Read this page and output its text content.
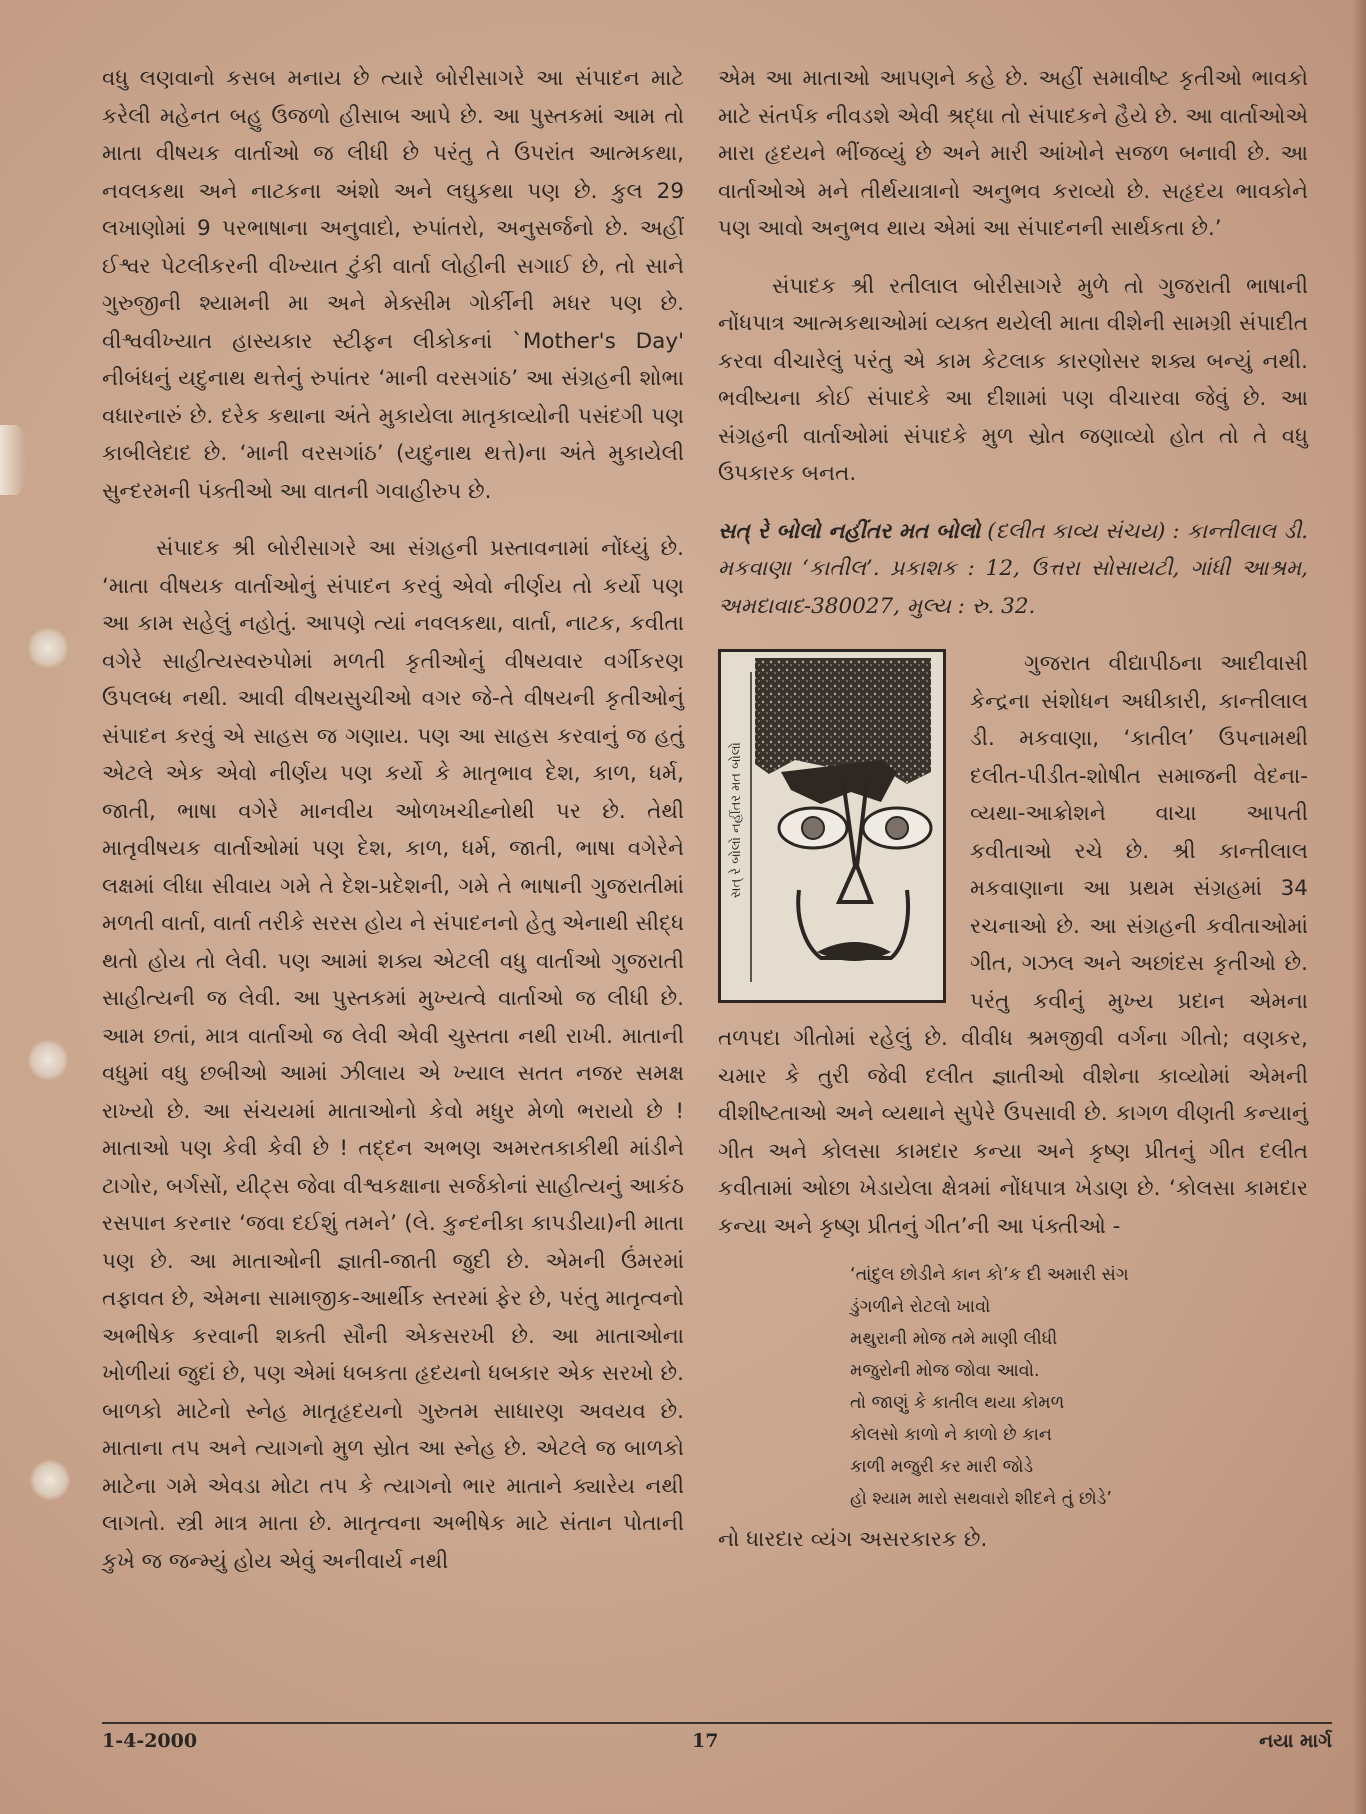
વધુ લણવાનો કસબ મનાય છે ત્યારે બોરીસાગરે આ સંપાદન માટે કરેલી મહેનત બહુ ઉજળો હીસાબ આપે છે. આ પુસ્તકમાં આમ તો માતા વીષયક વાર્તાઓ જ લીધી છે પરંતુ તે ઉપરાંત આત્મકથા, નવલકથા અને નાટકના અંશો અને લઘુકથા પણ છે. કુલ 29 લખાણોમાં 9 પરભાષાના અનુવાદો, રુપાંતરો, અનુસર્જનો છે. અહીં ઈશ્વર પેટલીકરની વીખ્યાત ટુંકી વાર્તા લોહીની સગાઈ છે, તો સાને ગુરુજીની શ્યામની મા અને મેક્સીમ ગોર્કીની મધર પણ છે. વીશ્વવીખ્યાત હાસ્યકાર સ્ટીફન લીકોકનાં `Mother's Day' નીબંધનું યદુનાથ થત્તેનું રુપાંતર ‘માની વરસગાંઠ’ આ સંગ્રહની શોભા વધારનારું છે. દરેક કથાના અંતે મુકાયેલા માતૃકાવ્યોની પસંદગી પણ કાબીલેદાદ છે. ‘માની વરસગાંઠ’ (યદુનાથ થત્તે)ના અંતે મુકાયેલી સુન્દરમની પંક્તીઓ આ વાતની ગવાહીરુપ છે.

સંપાદક શ્રી બોરીસાગરે આ સંગ્રહની પ્રસ્તાવનામાં નોંધ્યું છે. ‘માતા વીષયક વાર્તાઓનું સંપાદન કરવું એવો નીર્ણય તો કર્યો પણ આ કામ સહેલું નહોતું. આપણે ત્યાં નવલકથા, વાર્તા, નાટક, કવીતા વગેરે સાહીત્યસ્વરુપોમાં મળતી કૃતીઓનું વીષયવાર વર્ગીકરણ ઉપલબ્ધ નથી. આવી વીષયસુચીઓ વગર જે-તે વીષયની કૃતીઓનું સંપાદન કરવું એ સાહસ જ ગણાય. પણ આ સાહસ કરવાનું જ હતું એટલે એક એવો નીર્ણય પણ કર્યો કે માતૃભાવ દેશ, કાળ, ધર્મ, જાતી, ભાષા વગેરે માનવીય ઓળખચીહ્નોથી પર છે. તેથી માતૃવીષયક વાર્તાઓમાં પણ દેશ, કાળ, ધર્મ, જાતી, ભાષા વગેરેને લક્ષમાં લીધા સીવાય ગમે તે દેશ-પ્રદેશની, ગમે તે ભાષાની ગુજરાતીમાં મળતી વાર્તા, વાર્તા તરીકે સરસ હોય ને સંપાદનનો હેતુ એનાથી સીદ્ધ થતો હોય તો લેવી. પણ આમાં શક્ય એટલી વધુ વાર્તાઓ ગુજરાતી સાહીત્યની જ લેવી. આ પુસ્તકમાં મુખ્યત્વે વાર્તાઓ જ લીધી છે. આમ છતાં, માત્ર વાર્તાઓ જ લેવી એવી ચુસ્તતા નથી રાખી. માતાની વધુમાં વધુ છબીઓ આમાં ઝીલાય એ ખ્યાલ સતત નજર સમક્ષ રાખ્યો છે. આ સંચયમાં માતાઓનો કેવો મધુર મેળો ભરાયો છે ! માતાઓ પણ કેવી કેવી છે ! તદ્દન અભણ અમરતકાકીથી માંડીને ટાગોર, બર્ગસોં, યીટ્સ જેવા વીશ્વકક્ષાના સર્જકોનાં સાહીત્યનું આકંઠ રસપાન કરનાર ‘જવા દઈશું તમને’ (લે. કુન્દનીકા કાપડીયા)ની માતા પણ છે. આ માતાઓની જ્ઞાતી-જાતી જુદી છે. એમની ઉંમરમાં તફાવત છે, એમના સામાજીક-આર્થીક સ્તરમાં ફેર છે, પરંતુ માતૃત્વનો અભીષેક કરવાની શક્તી સૌની એકસરખી છે. આ માતાઓના ખોળીયાં જુદાં છે, પણ એમાં ધબકતા હૃદયનો ધબકાર એક સરખો છે. બાળકો માટેનો સ્નેહ માતૃહૃદયનો ગુરુતમ સાધારણ અવયવ છે. માતાના તપ અને ત્યાગનો મુળ સ્રોત આ સ્નેહ છે. એટલે જ બાળકો માટેના ગમે એવડા મોટા તપ કે ત્યાગનો ભાર માતાને ક્યારેય નથી લાગતો. સ્ત્રી માત્ર માતા છે. માતૃત્વના અભીષેક માટે સંતાન પોતાની કુખે જ જન્મ્યું હોય એવું અનીવાર્ય નથી

એમ આ માતાઓ આપણને કહે છે. અહીં સમાવીષ્ટ કૃતીઓ ભાવકો માટે સંતર્પક નીવડશે એવી શ્રદ્ધા તો સંપાદકને હૈયે છે. આ વાર્તાઓએ મારા હૃદયને ભીંજવ્યું છે અને મારી આંખોને સજળ બનાવી છે. આ વાર્તાઓએ મને તીર્થયાત્રાનો અનુભવ કરાવ્યો છે. સહૃદય ભાવકોને પણ આવો અનુભવ થાય એમાં આ સંપાદનની સાર્થકતા છે.’

સંપાદક શ્રી રતીલાલ બોરીસાગરે મુળે તો ગુજરાતી ભાષાની નોંધપાત્ર આત્મકથાઓમાં વ્યક્ત થયેલી માતા વીશેની સામગ્રી સંપાદીત કરવા વીચારેલું પરંતુ એ કામ કેટલાક કારણોસર શક્ય બન્યું નથી. ભવીષ્યના કોઈ સંપાદકે આ દીશામાં પણ વીચારવા જેવું છે. આ સંગ્રહની વાર્તાઓમાં સંપાદકે મુળ સ્રોત જણાવ્યો હોત તો તે વધુ ઉપકારક બનત.

સત્ રે બોલો નહીંતર મત બોલો (દલીત કાવ્ય સંચય) : કાન્તીલાલ ડી. મકવાણા ‘કાતીલ’. પ્રકાશક : 12, ઉત્તરા સોસાયટી, ગાંધી આશ્રમ, અમદાવાદ-380027, મુલ્ય : રુ. 32.

સત્ રે બોલો નહીંતર મત બોલો

ગુજરાત વીદ્યાપીઠના આદીવાસી કેન્દ્રના સંશોધન અધીકારી, કાન્તીલાલ ડી. મકવાણા, ‘કાતીલ’ ઉપનામથી દલીત-પીડીત-શોષીત સમાજની વેદના-વ્યથા-આક્રોશને વાચા આપતી કવીતાઓ રચે છે. શ્રી કાન્તીલાલ મકવાણાના આ પ્રથમ સંગ્રહમાં 34 રચનાઓ છે. આ સંગ્રહની કવીતાઓમાં ગીત, ગઝલ અને અછાંદસ કૃતીઓ છે. પરંતુ કવીનું મુખ્ય પ્રદાન એમના તળપદા ગીતોમાં રહેલું છે. વીવીધ શ્રમજીવી વર્ગના ગીતો; વણકર, ચમાર કે તુરી જેવી દલીત જ્ઞાતીઓ વીશેના કાવ્યોમાં એમની વીશીષ્ટતાઓ અને વ્યથાને સુપેરે ઉપસાવી છે. કાગળ વીણતી કન્યાનું ગીત અને કોલસા કામદાર કન્યા અને કૃષ્ણ પ્રીતનું ગીત દલીત કવીતામાં ઓછા ખેડાયેલા ક્ષેત્રમાં નોંધપાત્ર ખેડાણ છે. ‘કોલસા કામદાર કન્યા અને કૃષ્ણ પ્રીતનું ગીત’ની આ પંક્તીઓ -

‘તાંદુલ છોડીને કાન કો’ક દી અમારી સંગ
ડુંગળીને રોટલો ખાવો
મથુરાની મોજ તમે માણી લીધી
મજુરોની મોજ જોવા આવો.
તો જાણું કે કાતીલ થયા કોમળ
કોલસો કાળો ને કાળો છે કાન
કાળી મજુરી કર મારી જોડે
હો શ્યામ મારો સથવારો શીદને તું છોડે’

નો ધારદાર વ્યંગ અસરકારક છે.

1-4-2000	17	નયા માર્ગ
